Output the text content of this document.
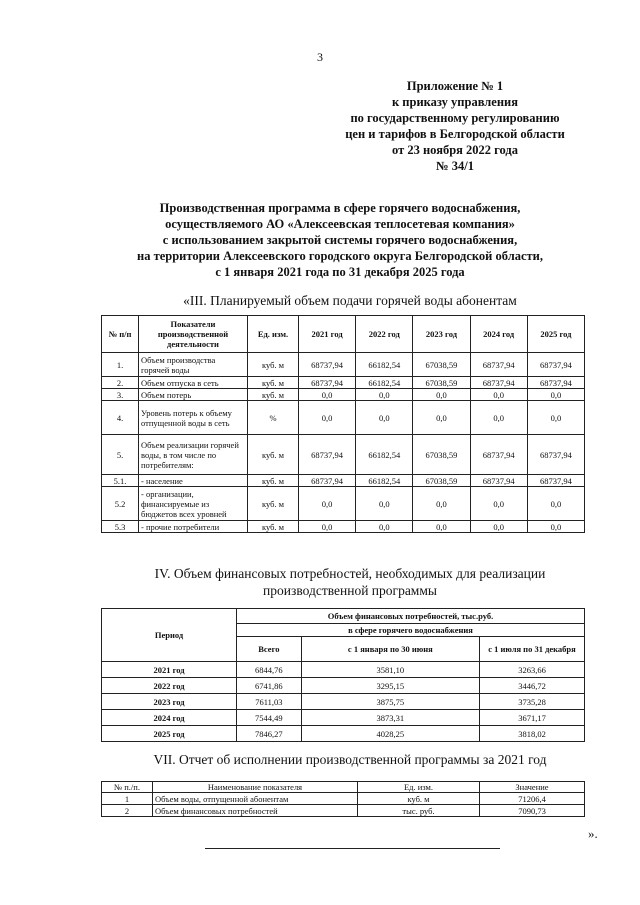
3
Приложение № 1
к приказу управления
по государственному регулированию
цен и тарифов в Белгородской области
от 23 ноября 2022 года
№ 34/1
Производственная программа в сфере горячего водоснабжения,
осуществляемого АО «Алексеевская теплосетевая компания»
с использованием закрытой системы горячего водоснабжения,
на территории Алексеевского городского округа Белгородской области,
с 1 января 2021 года по 31 декабря 2025 года
«III. Планируемый объем подачи горячей воды абонентам
№ п/п	Показатели производственной деятельности	Ед. изм.	2021 год	2022 год	2023 год	2024 год	2025 год
1.	Объем производства горячей воды	куб. м	68737,94	66182,54	67038,59	68737,94	68737,94
2.	Объем отпуска в сеть	куб. м	68737,94	66182,54	67038,59	68737,94	68737,94
3.	Объем потерь	куб. м	0,0	0,0	0,0	0,0	0,0
4.	Уровень потерь к объему отпущенной воды в сеть	%	0,0	0,0	0,0	0,0	0,0
5.	Объем реализации горячей воды, в том числе по потребителям:	куб. м	68737,94	66182,54	67038,59	68737,94	68737,94
5.1.	- население	куб. м	68737,94	66182,54	67038,59	68737,94	68737,94
5.2	- организации, финансируемые из бюджетов всех уровней	куб. м	0,0	0,0	0,0	0,0	0,0
5.3	- прочие потребители	куб. м	0,0	0,0	0,0	0,0	0,0
IV. Объем финансовых потребностей, необходимых для реализации
производственной программы
Период	Объем финансовых потребностей, тыс.руб.		
	в сфере горячего водоснабжения		
	Всего	с 1 января по 30 июня	с 1 июля по 31 декабря
2021 год	6844,76	3581,10	3263,66
2022 год	6741,86	3295,15	3446,72
2023 год	7611,03	3875,75	3735,28
2024 год	7544,49	3873,31	3671,17
2025 год	7846,27	4028,25	3818,02
VII. Отчет об исполнении производственной программы за 2021 год
№ п./п.	Наименование показателя	Ед. изм.	Значение
1	Объем воды, отпущенной абонентам	куб. м	71206,4
2	Объем финансовых потребностей	тыс. руб.	7090,73
».
